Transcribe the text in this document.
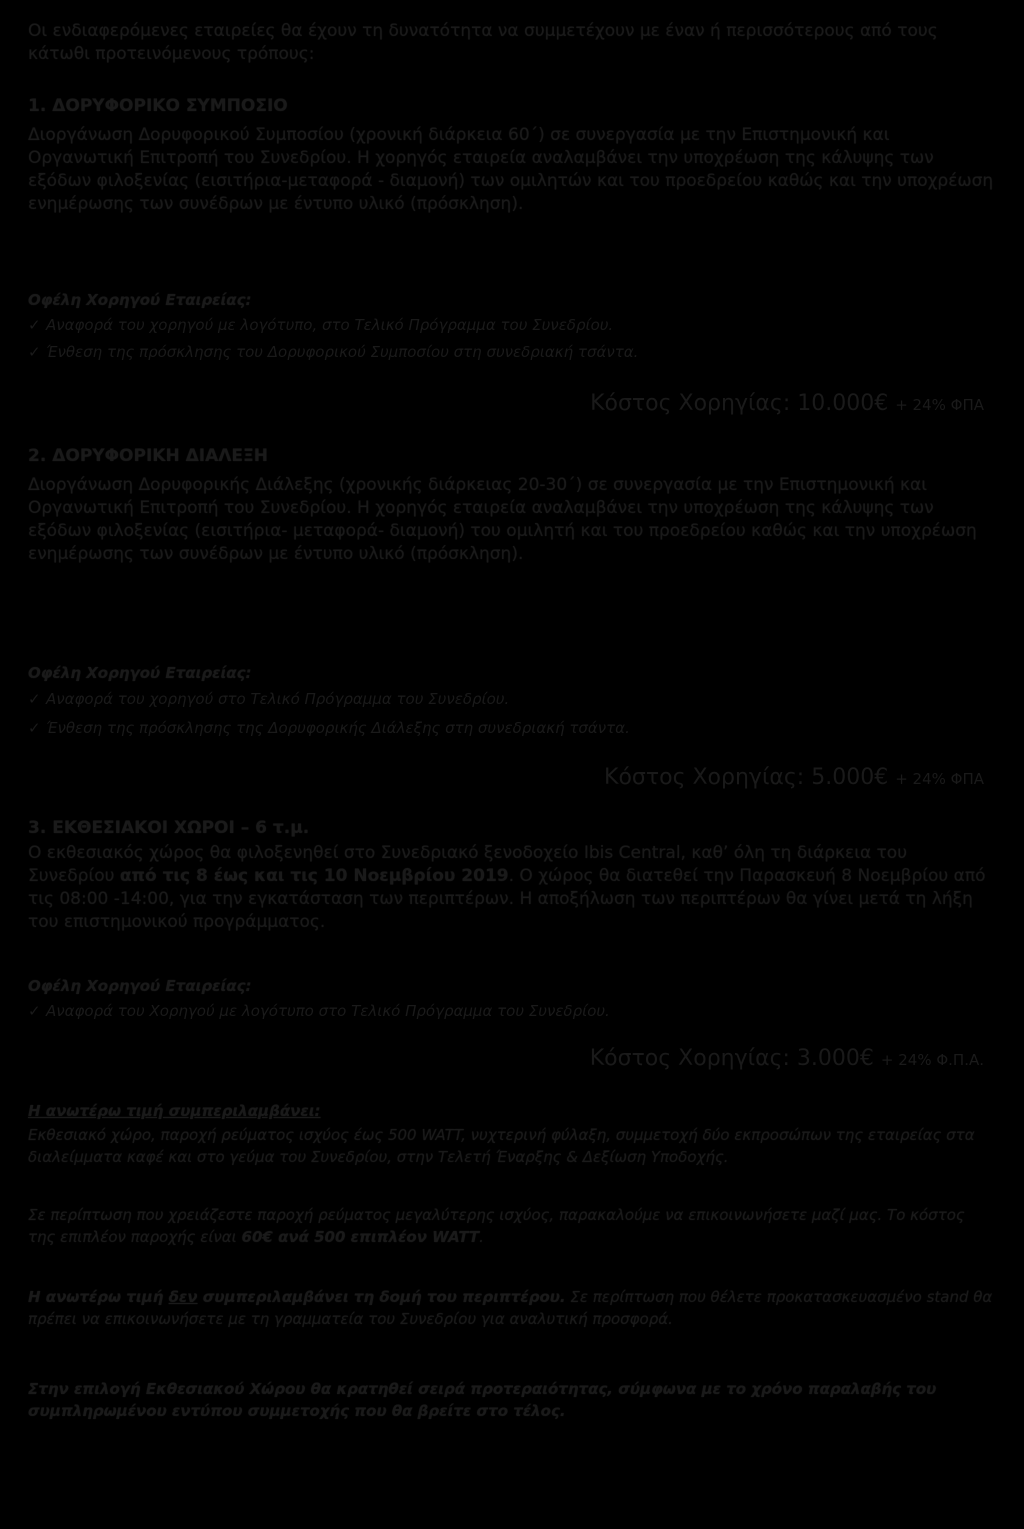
Οι ενδιαφερόμενες εταιρείες θα έχουν τη δυνατότητα να συμμετέχουν με έναν ή περισσότερους από τους κάτωθι προτεινόμενους τρόπους:
1. ΔΟΡΥΦΟΡΙΚΟ ΣΥΜΠΟΣΙΟ
Διοργάνωση Δορυφορικού Συμποσίου (χρονική διάρκεια 60΄) σε συνεργασία με την Επιστημονική και Οργανωτική Επιτροπή του Συνεδρίου. Η χορηγός εταιρεία αναλαμβάνει την υποχρέωση της κάλυψης των εξόδων φιλοξενίας (εισιτήρια-μεταφορά - διαμονή) των ομιλητών και του προεδρείου καθώς και την υποχρέωση ενημέρωσης των συνέδρων με έντυπο υλικό (πρόσκληση).
Οφέλη Χορηγού Εταιρείας:
✓ Αναφορά του χορηγού με λογότυπο, στο Τελικό Πρόγραμμα του Συνεδρίου.
✓ Ένθεση της πρόσκλησης του Δορυφορικού Συμποσίου στη συνεδριακή τσάντα.
Κόστος Χορηγίας: 10.000€ + 24% ΦΠΑ
2. ΔΟΡΥΦΟΡΙΚΗ ΔΙΑΛΕΞΗ
Διοργάνωση Δορυφορικής Διάλεξης (χρονικής διάρκειας 20-30΄) σε συνεργασία με την Επιστημονική και Οργανωτική Επιτροπή του Συνεδρίου. Η χορηγός εταιρεία αναλαμβάνει την υποχρέωση της κάλυψης των εξόδων φιλοξενίας (εισιτήρια- μεταφορά- διαμονή) του ομιλητή και του προεδρείου καθώς και την υποχρέωση ενημέρωσης των συνέδρων με έντυπο υλικό (πρόσκληση).
Οφέλη Χορηγού Εταιρείας:
✓ Αναφορά του χορηγού στο Τελικό Πρόγραμμα του Συνεδρίου.
✓ Ένθεση της πρόσκλησης της Δορυφορικής Διάλεξης στη συνεδριακή τσάντα.
Κόστος Χορηγίας: 5.000€ + 24% ΦΠΑ
3. ΕΚΘΕΣΙΑΚΟΙ ΧΩΡΟΙ – 6 τ.μ.
Ο εκθεσιακός χώρος θα φιλοξενηθεί στο Συνεδριακό ξενοδοχείο Ibis Central, καθ’ όλη τη διάρκεια του Συνεδρίου από τις 8 έως και τις 10 Νοεμβρίου 2019. Ο χώρος θα διατεθεί την Παρασκευή 8 Νοεμβρίου από τις 08:00 -14:00, για την εγκατάσταση των περιπτέρων. Η αποξήλωση των περιπτέρων θα γίνει μετά τη λήξη του επιστημονικού προγράμματος.
Οφέλη Χορηγού Εταιρείας:
✓ Αναφορά του Χορηγού με λογότυπο στο Τελικό Πρόγραμμα του Συνεδρίου.
Κόστος Χορηγίας: 3.000€ + 24% Φ.Π.Α.
Η ανωτέρω τιμή συμπεριλαμβάνει:
Εκθεσιακό χώρο, παροχή ρεύματος ισχύος έως 500 WATT, νυχτερινή φύλαξη, συμμετοχή δύο εκπροσώπων της εταιρείας στα διαλείμματα καφέ και στο γεύμα του Συνεδρίου, στην Τελετή Έναρξης & Δεξίωση Υποδοχής.
Σε περίπτωση που χρειάζεστε παροχή ρεύματος μεγαλύτερης ισχύος, παρακαλούμε να επικοινωνήσετε μαζί μας. Το κόστος της επιπλέον παροχής είναι 60€ ανά 500 επιπλέον WATT.
Η ανωτέρω τιμή δεν συμπεριλαμβάνει τη δομή του περιπτέρου. Σε περίπτωση που θέλετε προκατασκευασμένο stand θα πρέπει να επικοινωνήσετε με τη γραμματεία του Συνεδρίου για αναλυτική προσφορά.
Στην επιλογή Εκθεσιακού Χώρου θα κρατηθεί σειρά προτεραιότητας, σύμφωνα με το χρόνο παραλαβής του συμπληρωμένου εντύπου συμμετοχής που θα βρείτε στο τέλος.
